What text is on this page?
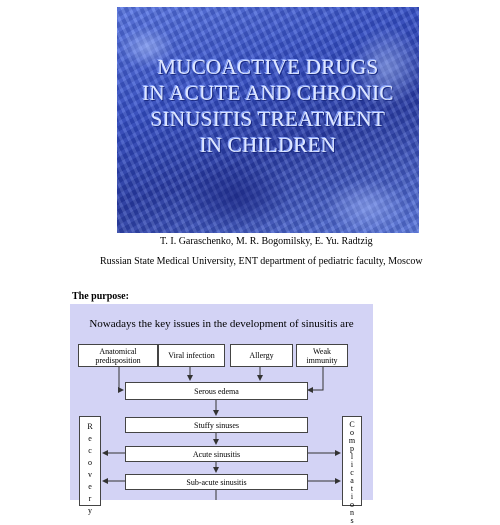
MUCOACTIVE DRUGS
IN ACUTE AND CHRONIC
SINUSITIS TREATMENT
IN CHILDREN
T. I. Garaschenko, M. R. Bogomilsky, E. Yu. Radtzig
Russian State Medical University, ENT department of pediatric faculty, Moscow
The purpose:
Nowadays the key issues in the development of sinusitis are
Anatomical predisposition	Viral infection	Allergy	Weak immunity
Serous edema
Stuffy sinuses
Acute sinusitis
Sub-acute sinusitis
R
e
c
o
v
e
r
y
C
o
m
p
l
i
c
a
t
i
o
n
s
